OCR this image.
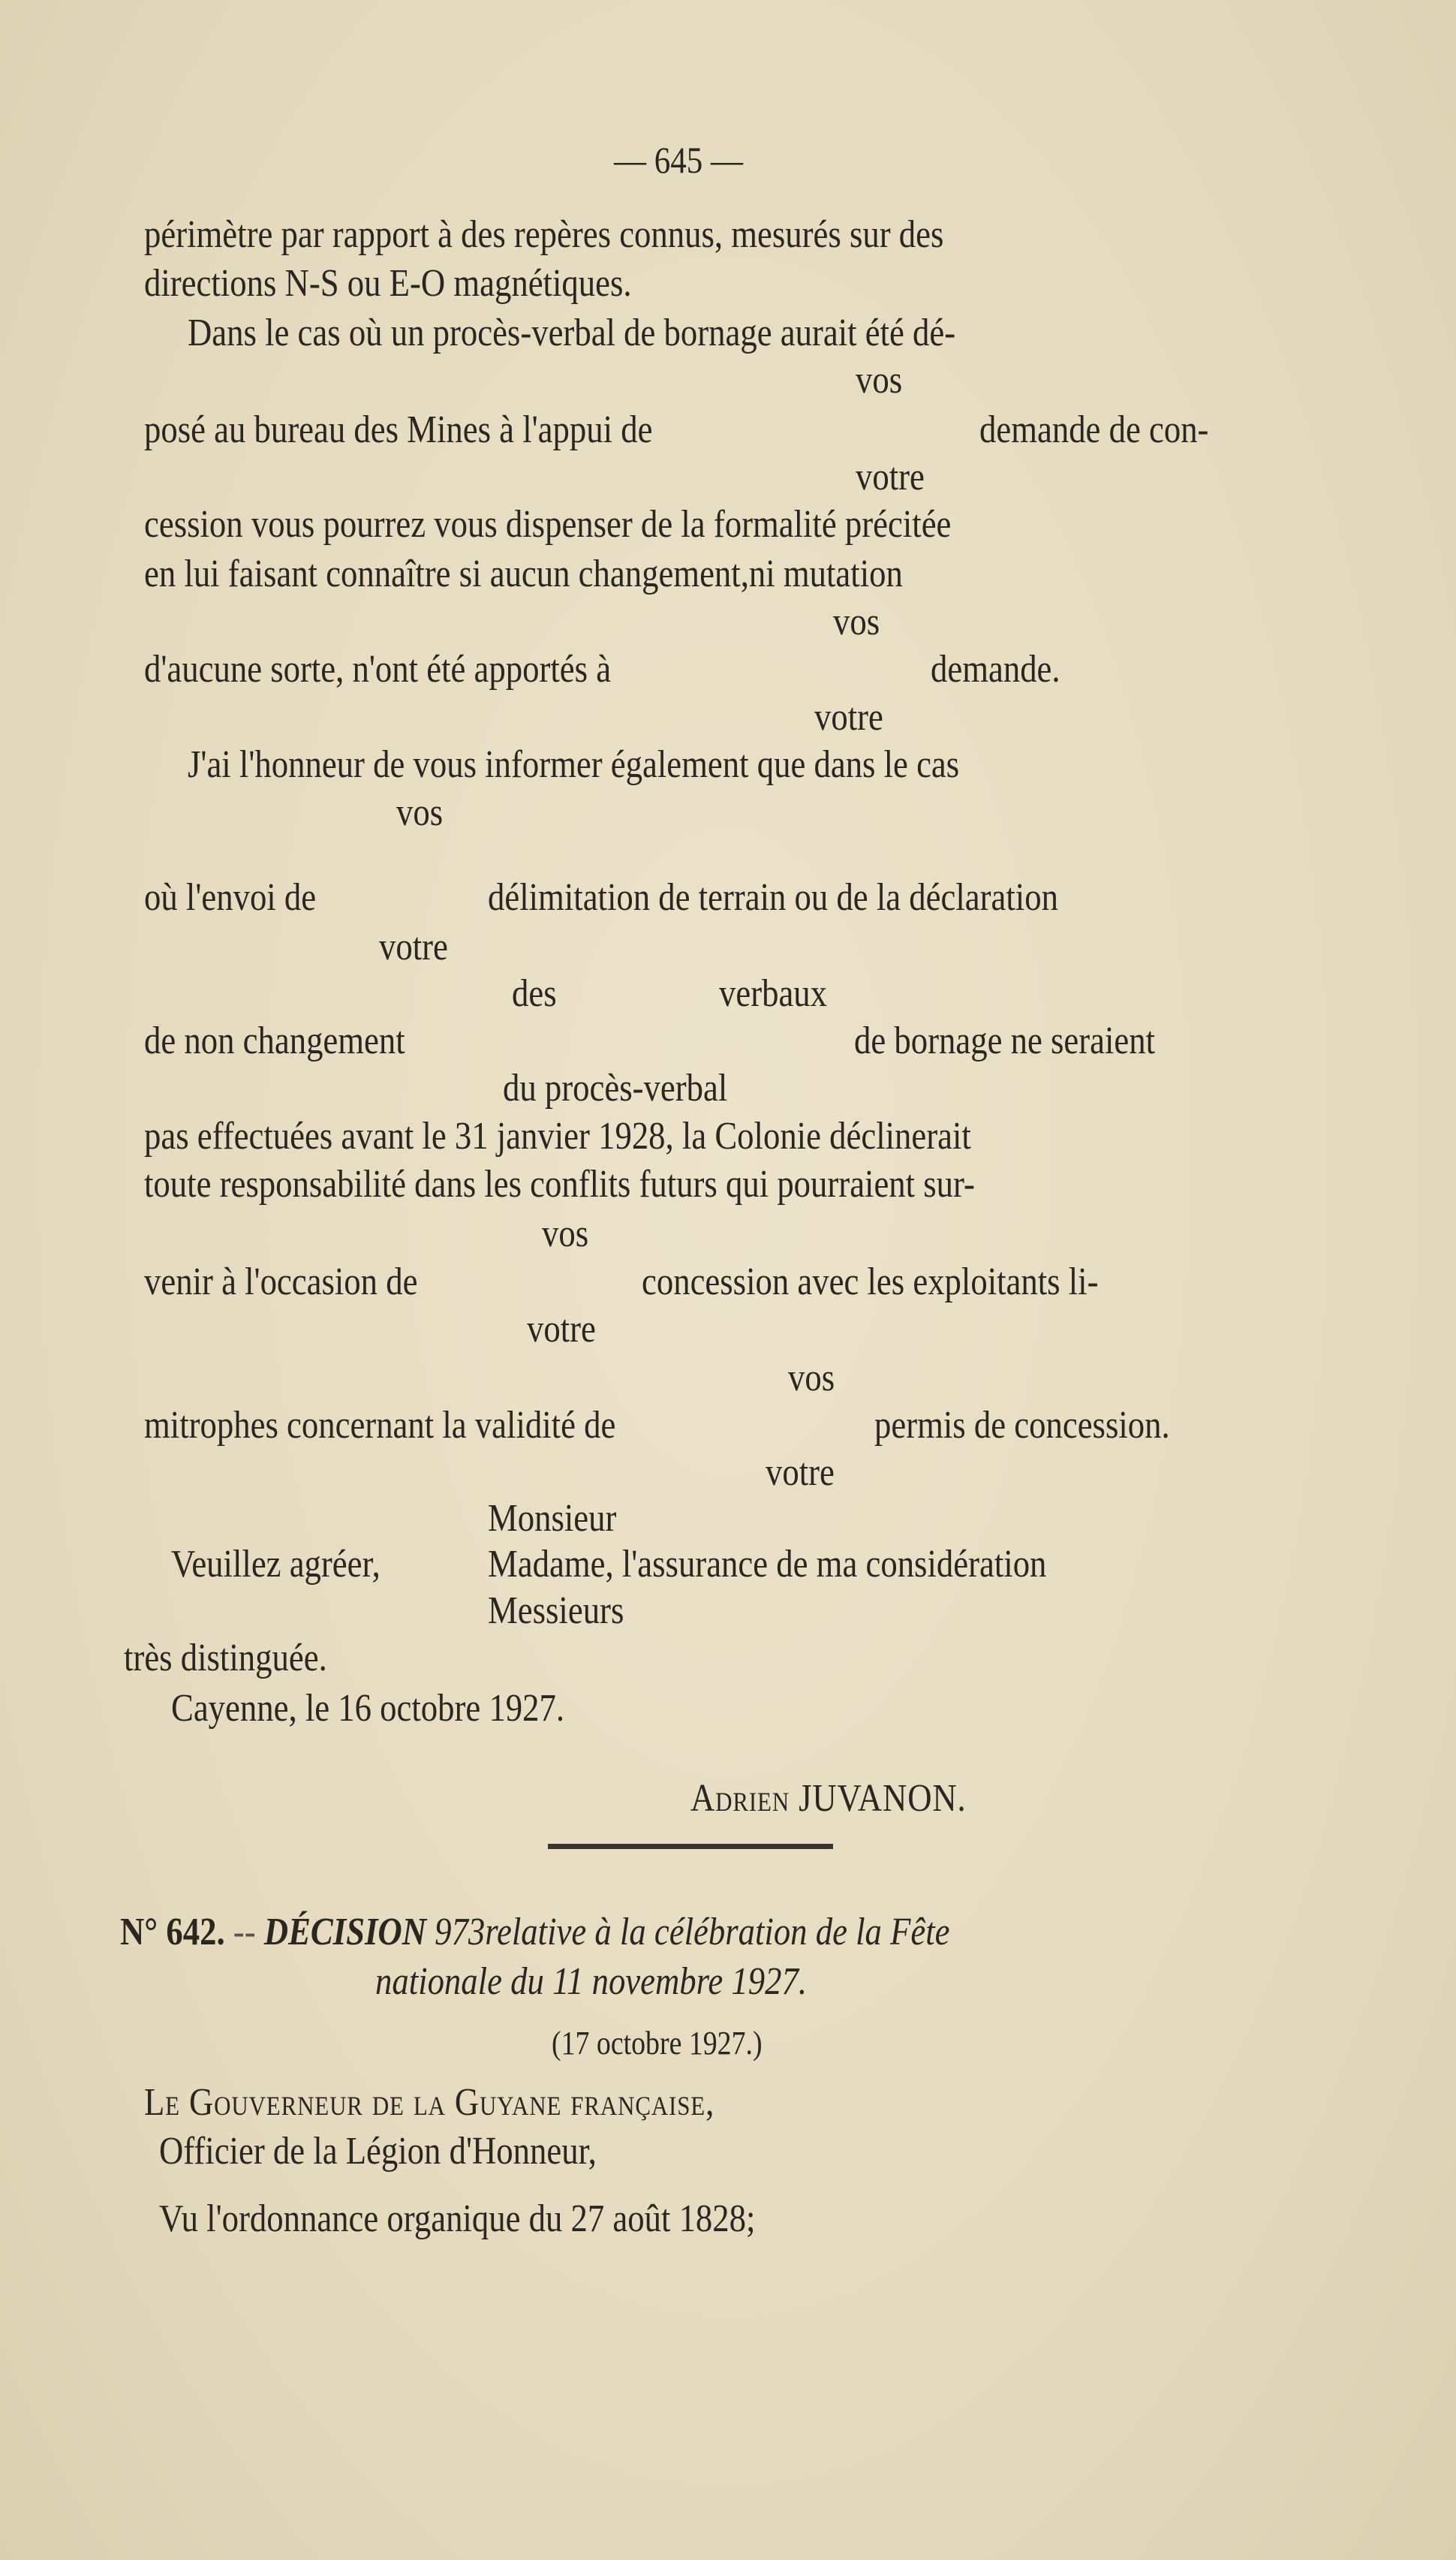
— 645 —
périmètre par rapport à des repères connus, mesurés sur des
directions N-S ou E-O magnétiques.
Dans le cas où un procès-verbal de bornage aurait été dé-
vos
posé au bureau des Mines à l'appui de	demande de con-
votre
cession vous pourrez vous dispenser de la formalité précitée
en lui faisant connaître si aucun changement,ni mutation
vos
d'aucune sorte, n'ont été apportés à	demande.
votre
J'ai l'honneur de vous informer également que dans le cas
vos
où l'envoi de	délimitation de terrain ou de la déclaration
votre
des	verbaux
de non changement	de bornage ne seraient
du procès-verbal
pas effectuées avant le 31 janvier 1928, la Colonie déclinerait
toute responsabilité dans les conflits futurs qui pourraient sur-
vos
venir à l'occasion de	concession avec les exploitants li-
votre
vos
mitrophes concernant la validité de	permis de concession.
votre
Monsieur
Veuillez agréer,	Madame, l'assurance de ma considération
Messieurs
très distinguée.
Cayenne, le 16 octobre 1927.
Adrien JUVANON.
N° 642. -- DÉCISION 973relative à la célébration de la Fête
nationale du 11 novembre 1927.
(17 octobre 1927.)
Le Gouverneur de la Guyane française,
Officier de la Légion d'Honneur,
Vu l'ordonnance organique du 27 août 1828;
